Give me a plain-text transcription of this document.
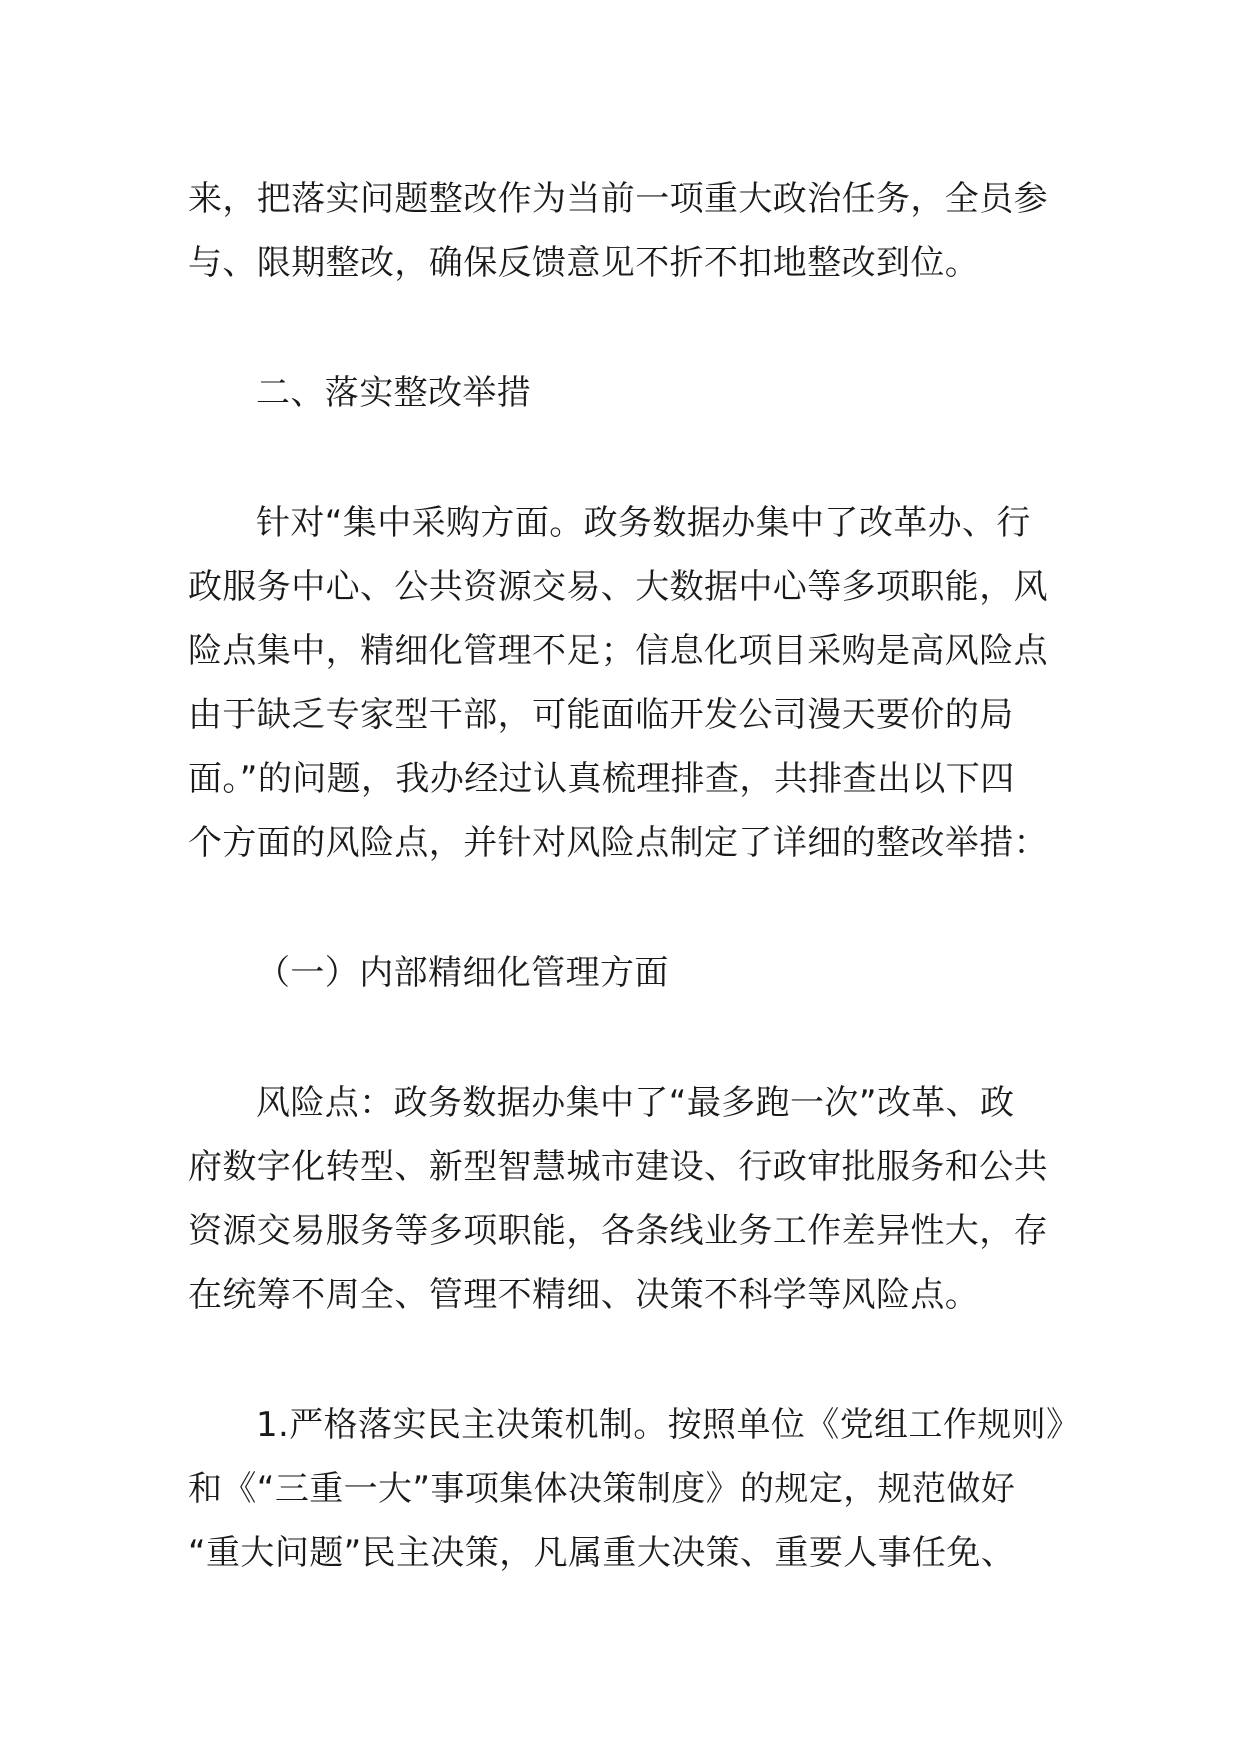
来，把落实问题整改作为当前一项重大政治任务，全员参
与、限期整改，确保反馈意见不折不扣地整改到位。
二、落实整改举措
针对“集中采购方面。政务数据办集中了改革办、行
政服务中心、公共资源交易、大数据中心等多项职能，风
险点集中，精细化管理不足；信息化项目采购是高风险点
由于缺乏专家型干部，可能面临开发公司漫天要价的局
面。”的问题，我办经过认真梳理排查，共排查出以下四
个方面的风险点，并针对风险点制定了详细的整改举措：
（一）内部精细化管理方面
风险点：政务数据办集中了“最多跑一次”改革、政
府数字化转型、新型智慧城市建设、行政审批服务和公共
资源交易服务等多项职能，各条线业务工作差异性大，存
在统筹不周全、管理不精细、决策不科学等风险点。
1.严格落实民主决策机制。按照单位《党组工作规则》
和《“三重一大”事项集体决策制度》的规定，规范做好
“重大问题”民主决策，凡属重大决策、重要人事任免、
